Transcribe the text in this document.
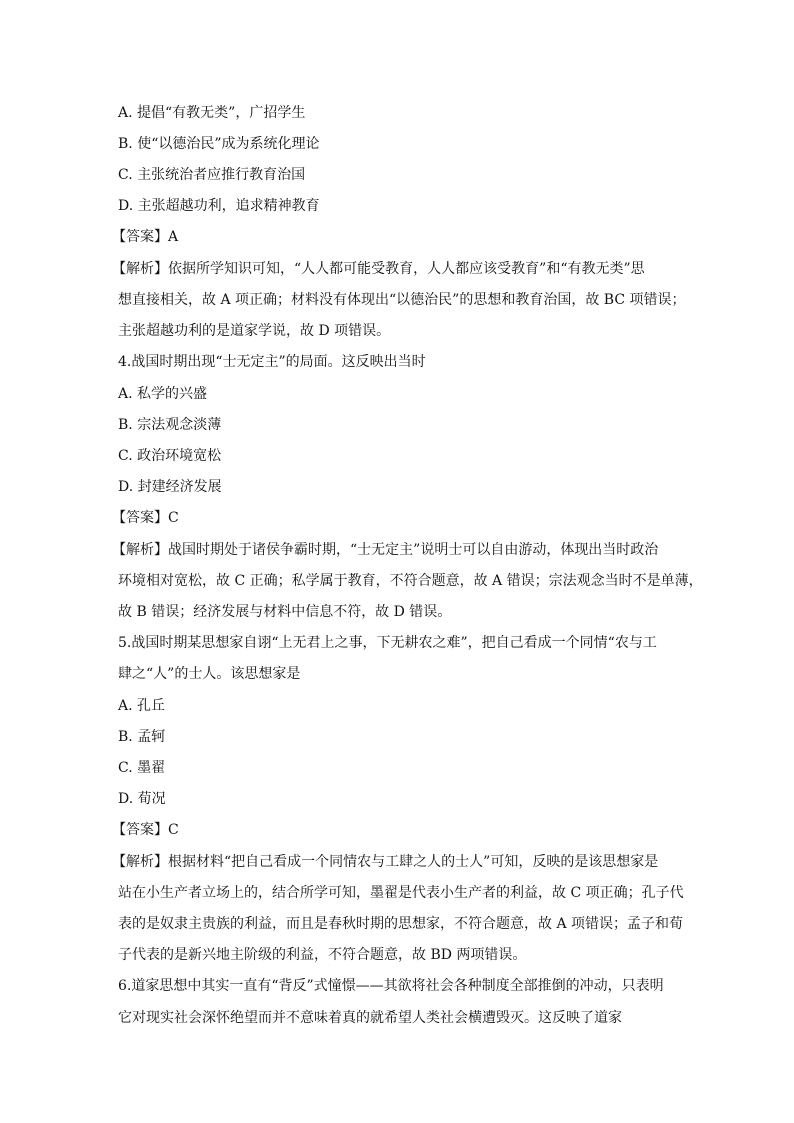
A. 提倡“有教无类”，广招学生
B. 使“以德治民”成为系统化理论
C. 主张统治者应推行教育治国
D. 主张超越功利，追求精神教育
【答案】A
【解析】依据所学知识可知，“人人都可能受教育，人人都应该受教育”和“有教无类”思
想直接相关，故 A 项正确；材料没有体现出“以德治民”的思想和教育治国，故 BC 项错误；
主张超越功利的是道家学说，故 D 项错误。
4.战国时期出现“士无定主”的局面。这反映出当时
A. 私学的兴盛
B. 宗法观念淡薄
C. 政治环境宽松
D. 封建经济发展
【答案】C
【解析】战国时期处于诸侯争霸时期，“士无定主”说明士可以自由游动，体现出当时政治
环境相对宽松，故 C 正确；私学属于教育，不符合题意，故 A 错误；宗法观念当时不是单薄，
故 B 错误；经济发展与材料中信息不符，故 D 错误。
5.战国时期某思想家自诩“上无君上之事，下无耕农之难”，把自己看成一个同情“农与工
肆之“人”的士人。该思想家是
A. 孔丘
B. 孟轲
C. 墨翟
D. 荀况
【答案】C
【解析】根据材料“把自己看成一个同情农与工肆之人的士人”可知，反映的是该思想家是
站在小生产者立场上的，结合所学可知，墨翟是代表小生产者的利益，故 C 项正确；孔子代
表的是奴隶主贵族的利益，而且是春秋时期的思想家，不符合题意，故 A 项错误；孟子和荀
子代表的是新兴地主阶级的利益，不符合题意，故 BD 两项错误。
6.道家思想中其实一直有“背反”式憧憬——其欲将社会各种制度全部推倒的冲动，只表明
它对现实社会深怀绝望而并不意味着真的就希望人类社会横遭毁灭。这反映了道家
